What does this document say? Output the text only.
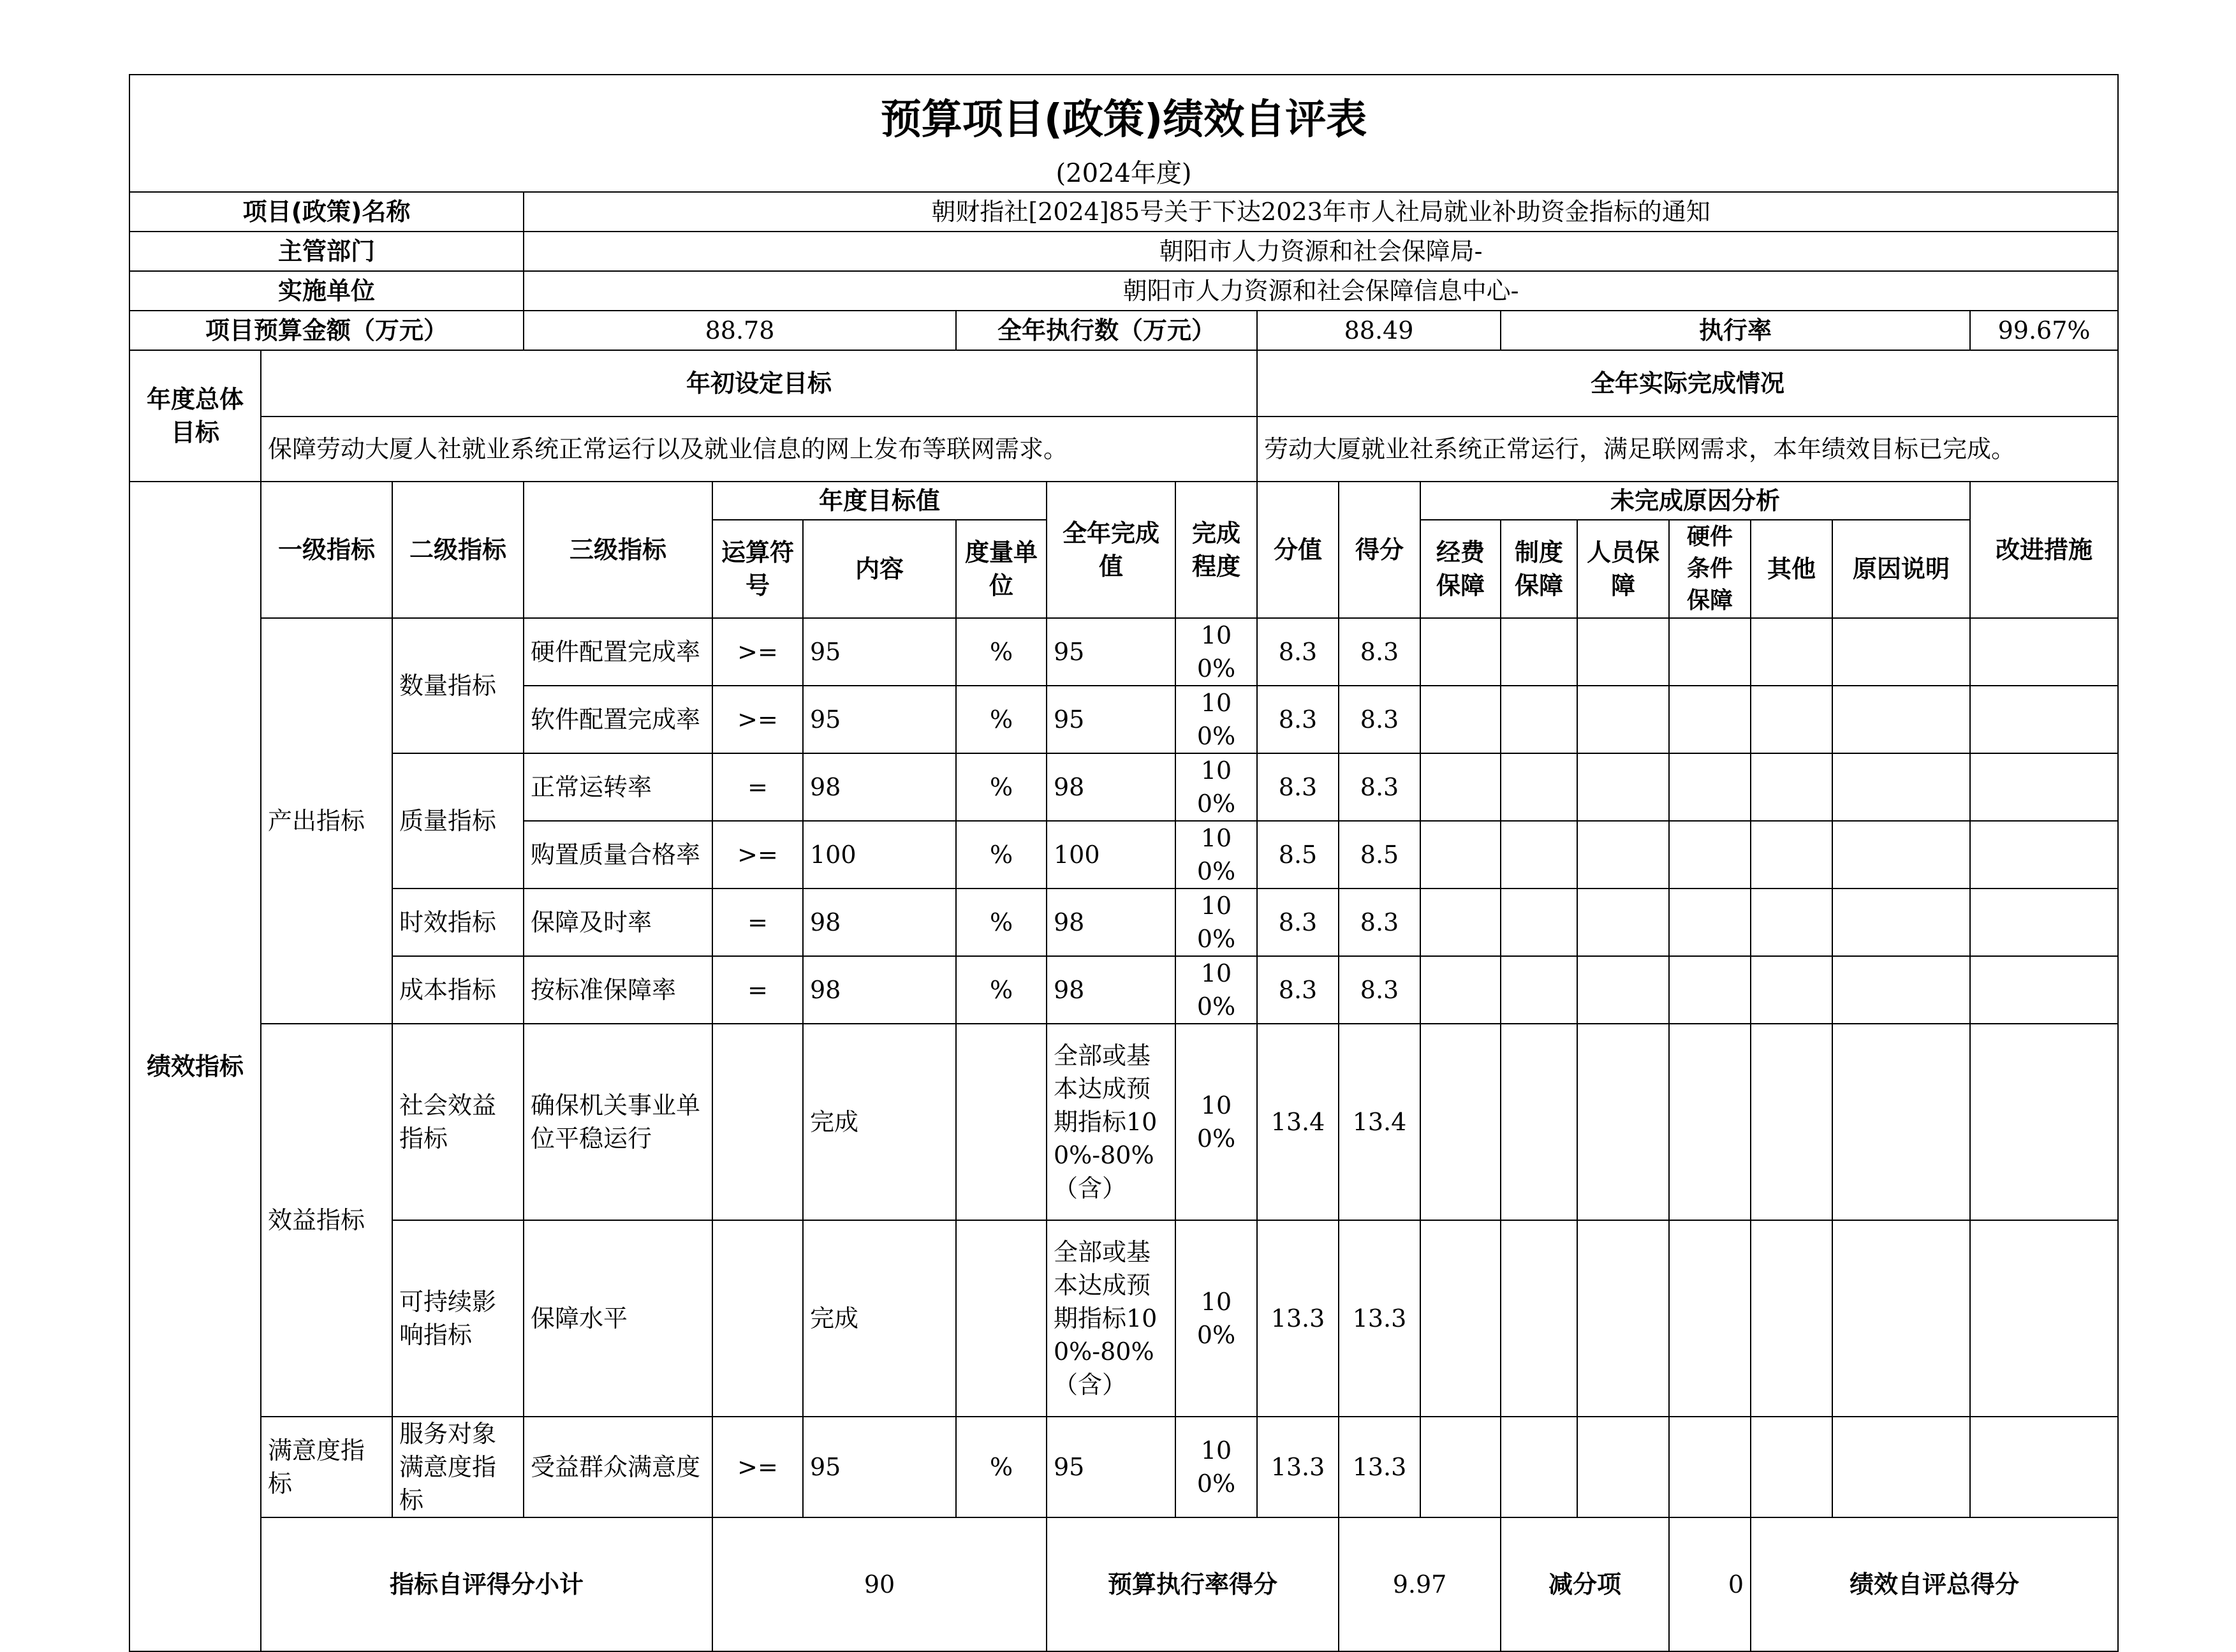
预算项目(政策)绩效自评表																		
(2024年度)																		
项目(政策)名称			朝财指社[2024]85号关于下达2023年市人社局就业补助资金指标的通知															
主管部门			朝阳市人力资源和社会保障局-															
实施单位			朝阳市人力资源和社会保障信息中心-															
项目预算金额（万元）			88.78			全年执行数（万元）			88.49			执行率					99.67%	
年度总体目标	年初设定目标								全年实际完成情况									
	保障劳动大厦人社就业系统正常运行以及就业信息的网上发布等联网需求。								劳动大厦就业社系统正常运行，满足联网需求，本年绩效目标已完成。									
绩效指标	一级指标	二级指标	三级指标	年度目标值			全年完成值	完成程度	分值	得分	未完成原因分析						改进措施	
				运算符号	内容	度量单位					经费保障	制度保障	人员保障	硬件条件保障	其他	原因说明		
	产出指标	数量指标	硬件配置完成率	>=	95	%	95	100%	8.3	8.3								
			软件配置完成率	>=	95	%	95	100%	8.3	8.3								
		质量指标	正常运转率	=	98	%	98	100%	8.3	8.3								
			购置质量合格率	>=	100	%	100	100%	8.5	8.5								
		时效指标	保障及时率	=	98	%	98	100%	8.3	8.3								
		成本指标	按标准保障率	=	98	%	98	100%	8.3	8.3								
	效益指标	社会效益指标	确保机关事业单位平稳运行		完成		全部或基本达成预期指标100%-80%（含）	100%	13.4	13.4								
		可持续影响指标	保障水平		完成		全部或基本达成预期指标100%-80%（含）	100%	13.3	13.3								
	满意度指标	服务对象满意度指标	受益群众满意度	>=	95	%	95	100%	13.3	13.3								
	指标自评得分小计			90			预算执行率得分			9.97		减分项		0	绩效自评总得分	
